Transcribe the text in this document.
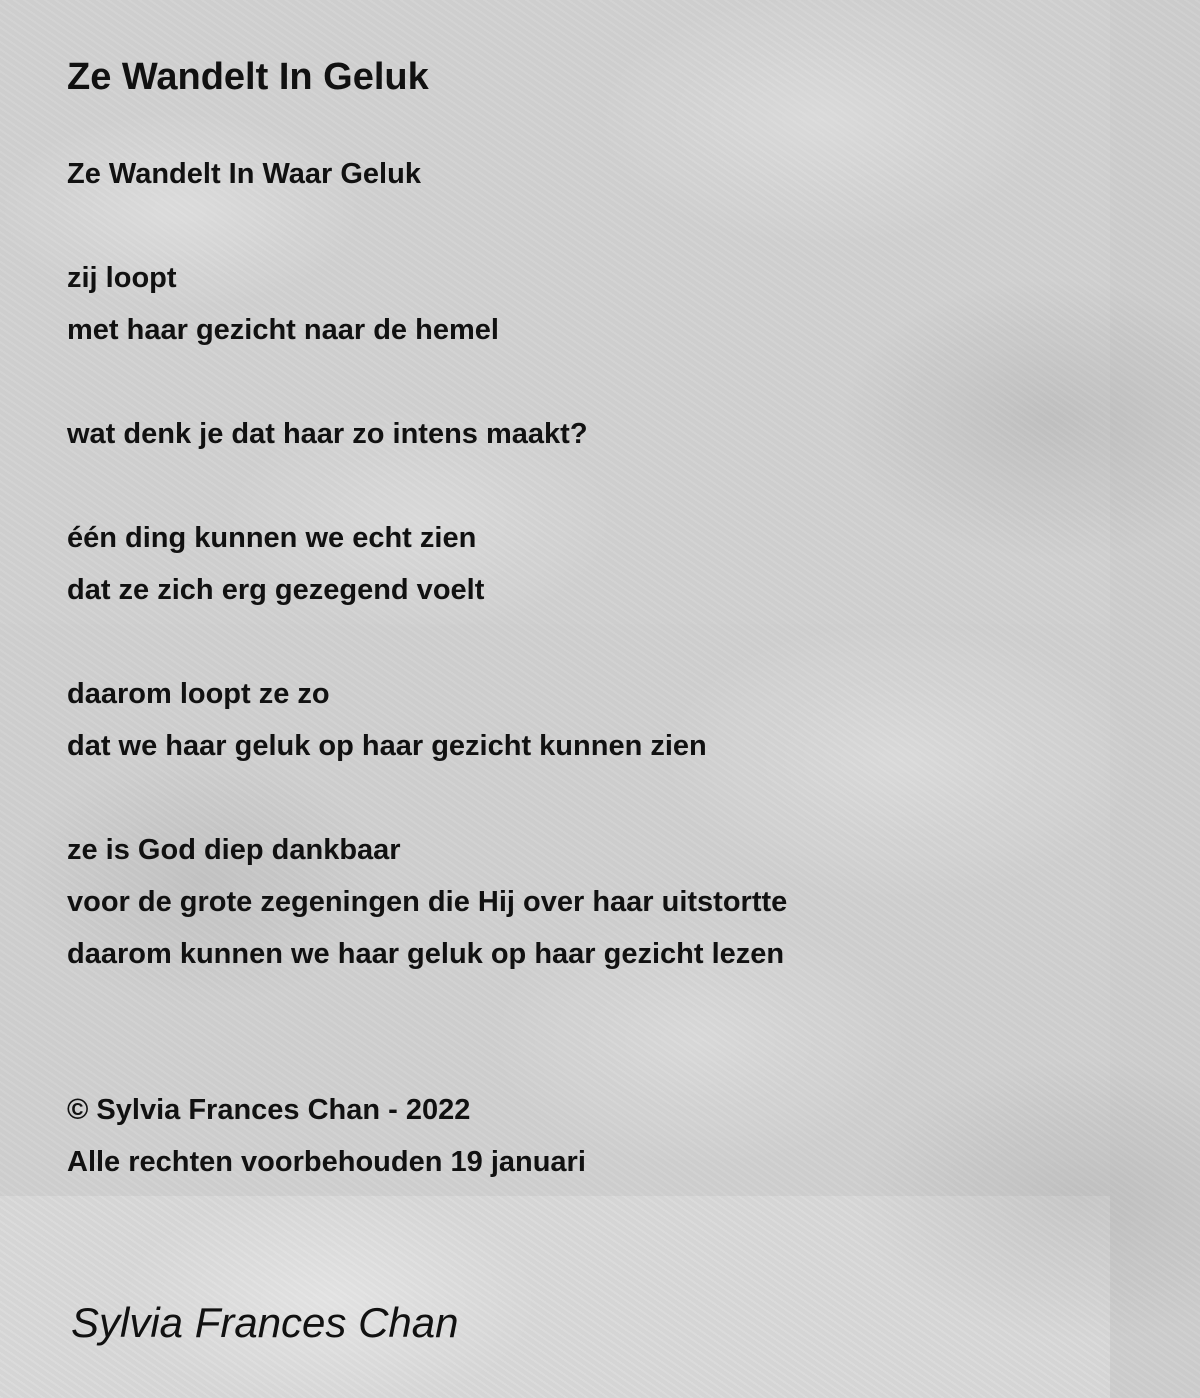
Ze Wandelt In Geluk
Ze Wandelt In Waar Geluk
zij loopt
met haar gezicht naar de hemel
wat denk je dat haar zo intens maakt?
één ding kunnen we echt zien
dat ze zich erg gezegend voelt
daarom loopt ze zo
dat we haar geluk op haar gezicht kunnen zien
ze is God diep dankbaar
voor de grote zegeningen die Hij over haar uitstortte
daarom kunnen we haar geluk op haar gezicht lezen
© Sylvia Frances Chan - 2022
Alle rechten voorbehouden 19 januari
Sylvia Frances Chan
